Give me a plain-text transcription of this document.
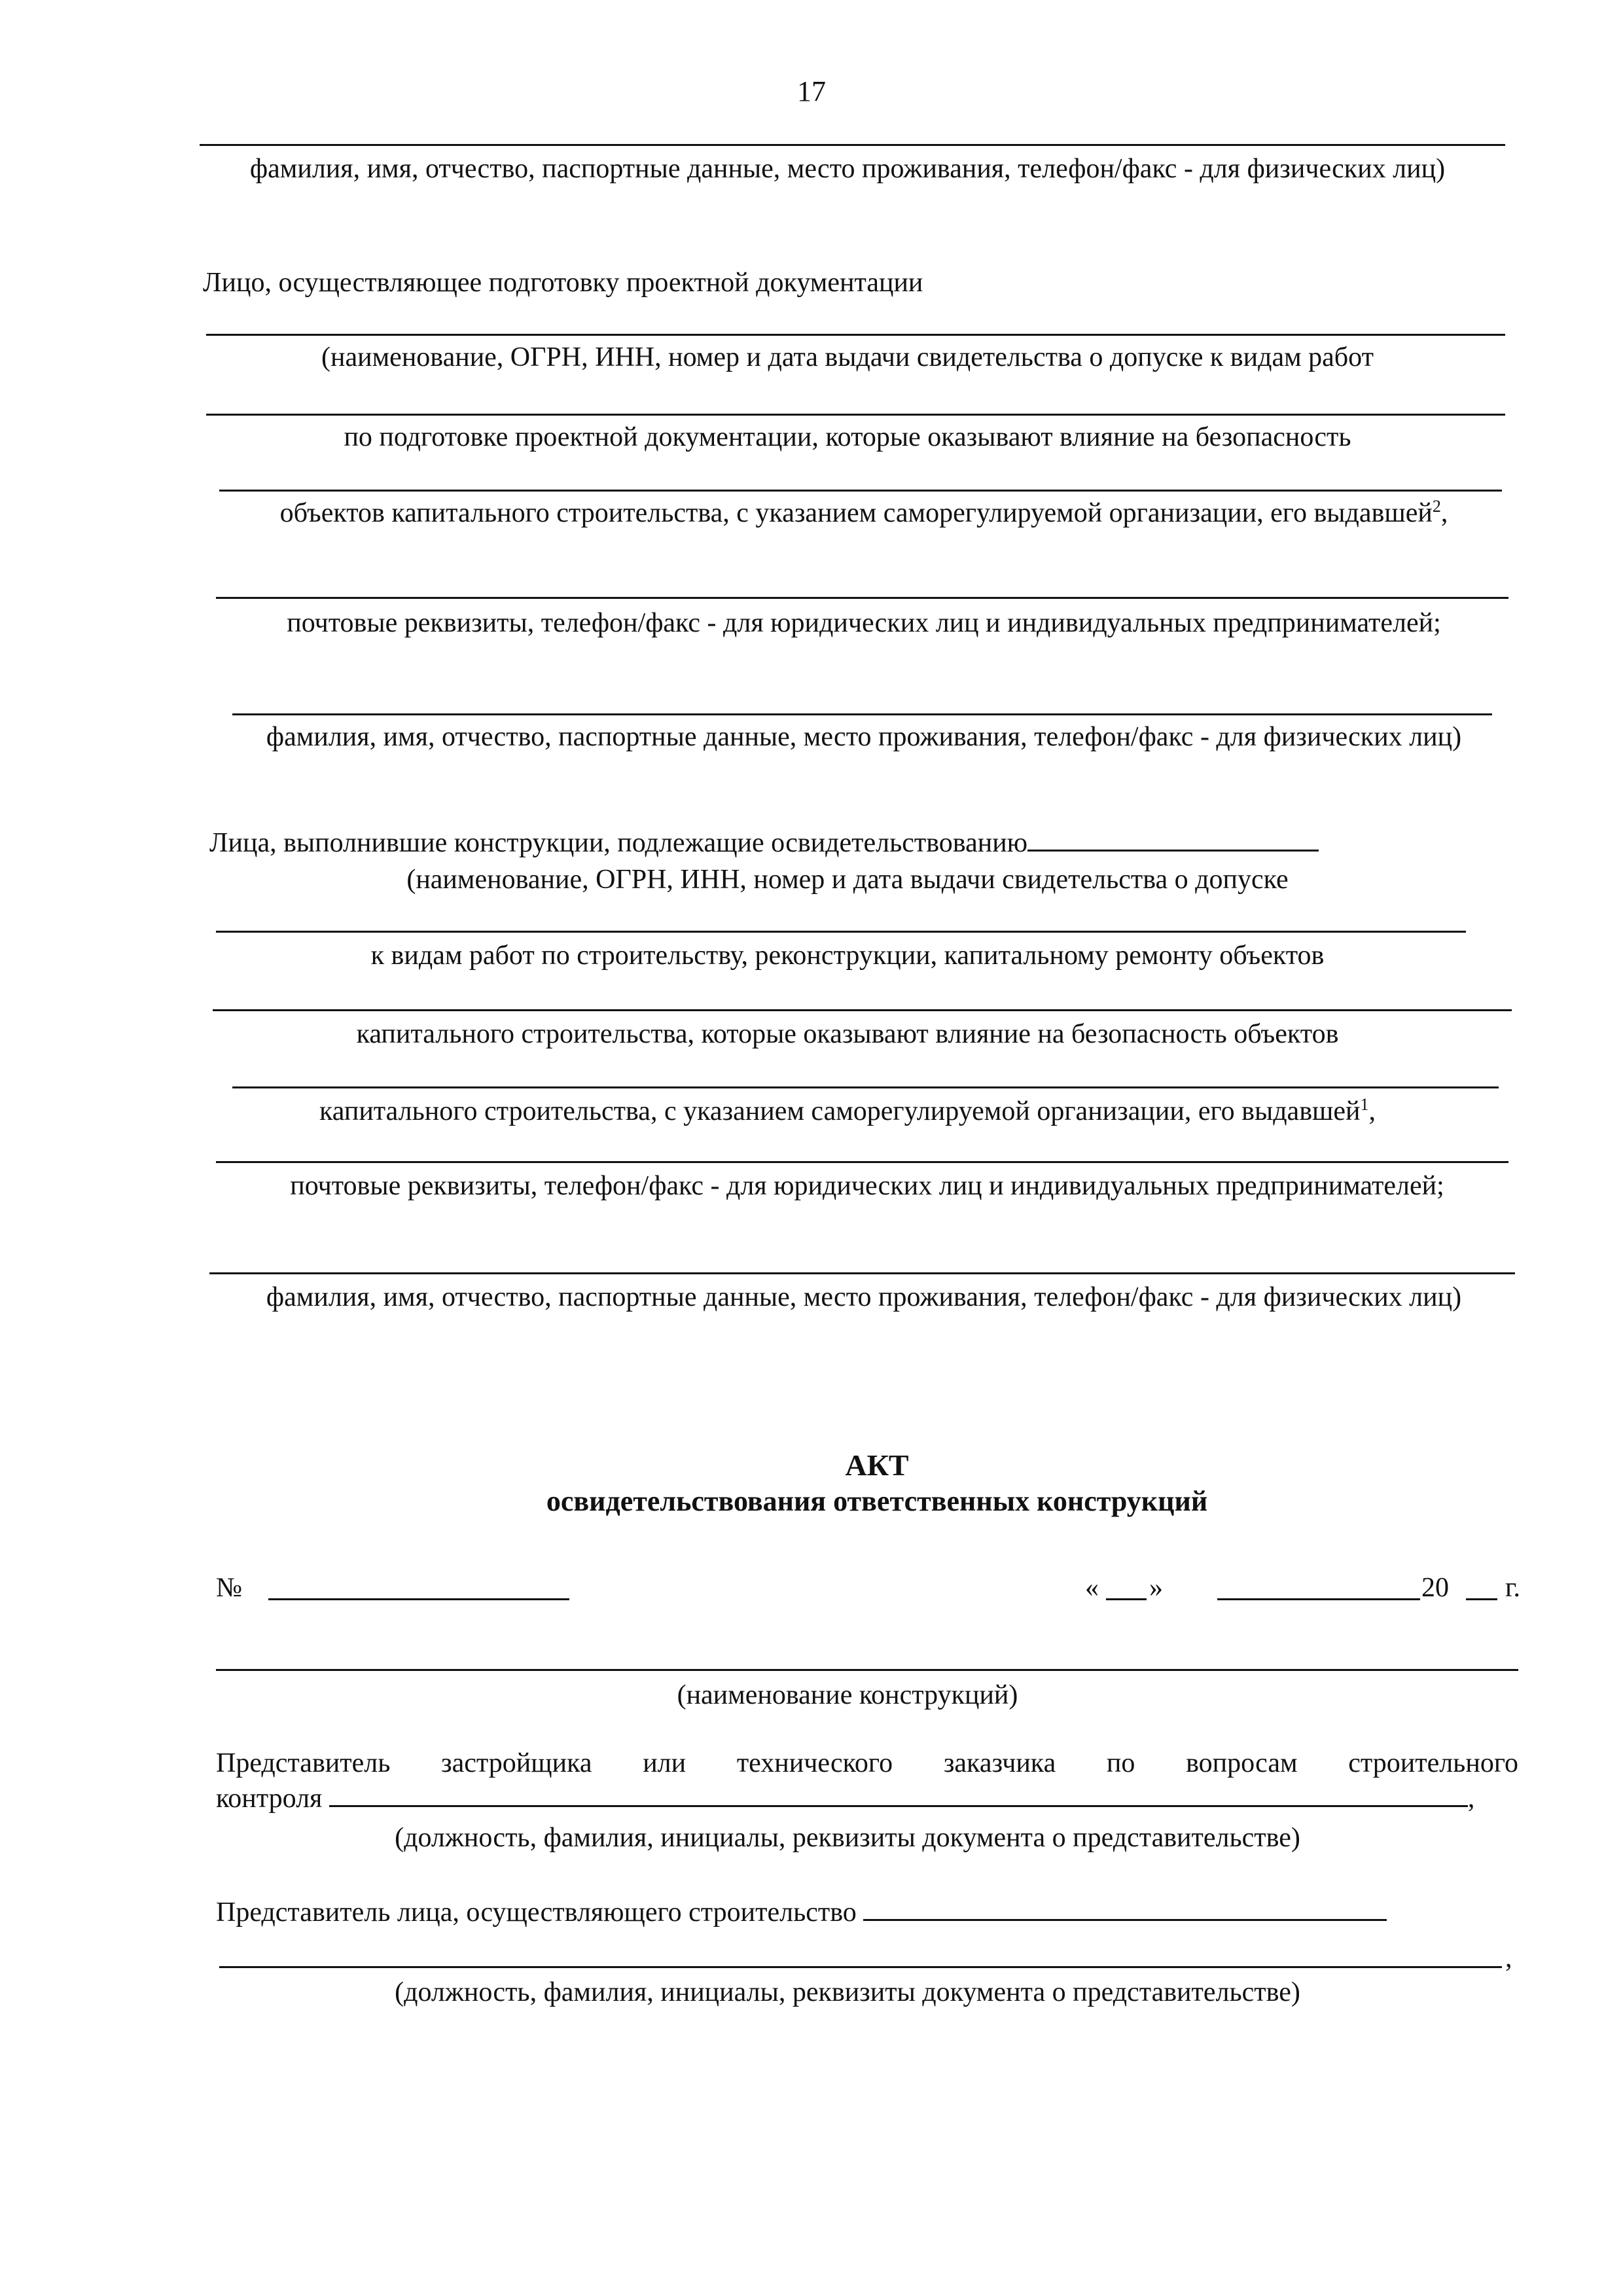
17
фамилия, имя, отчество, паспортные данные, место проживания, телефон/факс - для физических лиц)
Лицо, осуществляющее подготовку проектной документации
(наименование, ОГРН, ИНН, номер и дата выдачи свидетельства о допуске к видам работ
по подготовке проектной документации, которые оказывают влияние на безопасность
объектов капитального строительства, с указанием саморегулируемой организации, его выдавшей$^2$,
почтовые реквизиты, телефон/факс - для юридических лиц и индивидуальных предпринимателей;
фамилия, имя, отчество, паспортные данные, место проживания, телефон/факс - для физических лиц)
Лица, выполнившие конструкции, подлежащие освидетельствованию
(наименование, ОГРН, ИНН, номер и дата выдачи свидетельства о допуске
к видам работ по строительству, реконструкции, капитальному ремонту объектов
капитального строительства, которые оказывают влияние на безопасность объектов
капитального строительства, с указанием саморегулируемой организации, его выдавшей$^1$,
почтовые реквизиты, телефон/факс - для юридических лиц и индивидуальных предпринимателей;
фамилия, имя, отчество, паспортные данные, место проживания, телефон/факс - для физических лиц)
АКТ
освидетельствования ответственных конструкций
№	« »	20 г.
(наименование конструкций)
Представитель застройщика или технического заказчика по вопросам строительного
контроля	,
(должность, фамилия, инициалы, реквизиты документа о представительстве)
Представитель лица, осуществляющего строительство
,
(должность, фамилия, инициалы, реквизиты документа о представительстве)
